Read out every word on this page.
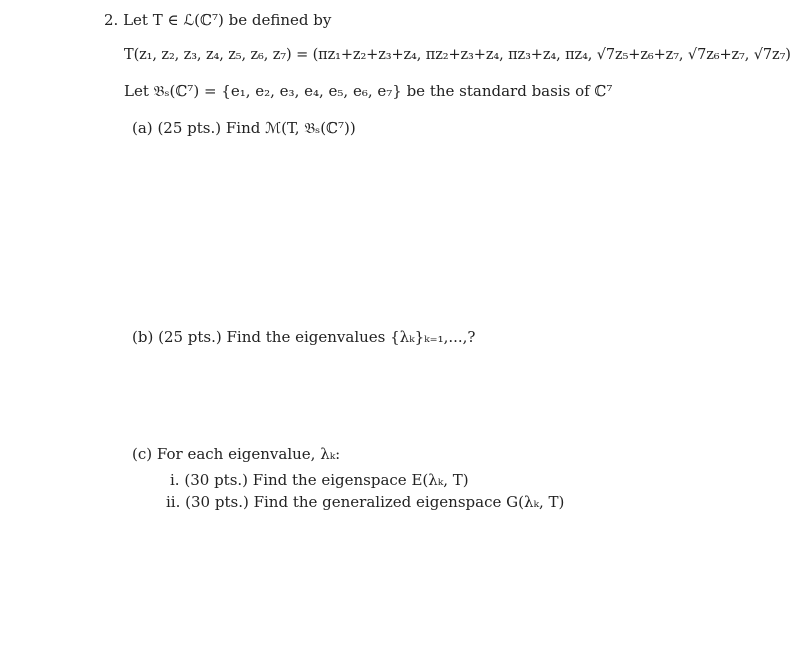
2. Let T ∈ ℒ(ℂ⁷) be defined by
T(z₁, z₂, z₃, z₄, z₅, z₆, z₇) = (πz₁+z₂+z₃+z₄, πz₂+z₃+z₄, πz₃+z₄, πz₄, √7z₅+z₆+z₇, √7z₆+z₇, √7z₇)
Let 𝔅ₛ(ℂ⁷) = {e₁, e₂, e₃, e₄, e₅, e₆, e₇} be the standard basis of ℂ⁷
(a) (25 pts.) Find ℳ(T, 𝔅ₛ(ℂ⁷))
(b) (25 pts.) Find the eigenvalues {λₖ}ₖ₌₁,...,?
(c) For each eigenvalue, λₖ:
i. (30 pts.) Find the eigenspace E(λₖ, T)
ii. (30 pts.) Find the generalized eigenspace G(λₖ, T)
